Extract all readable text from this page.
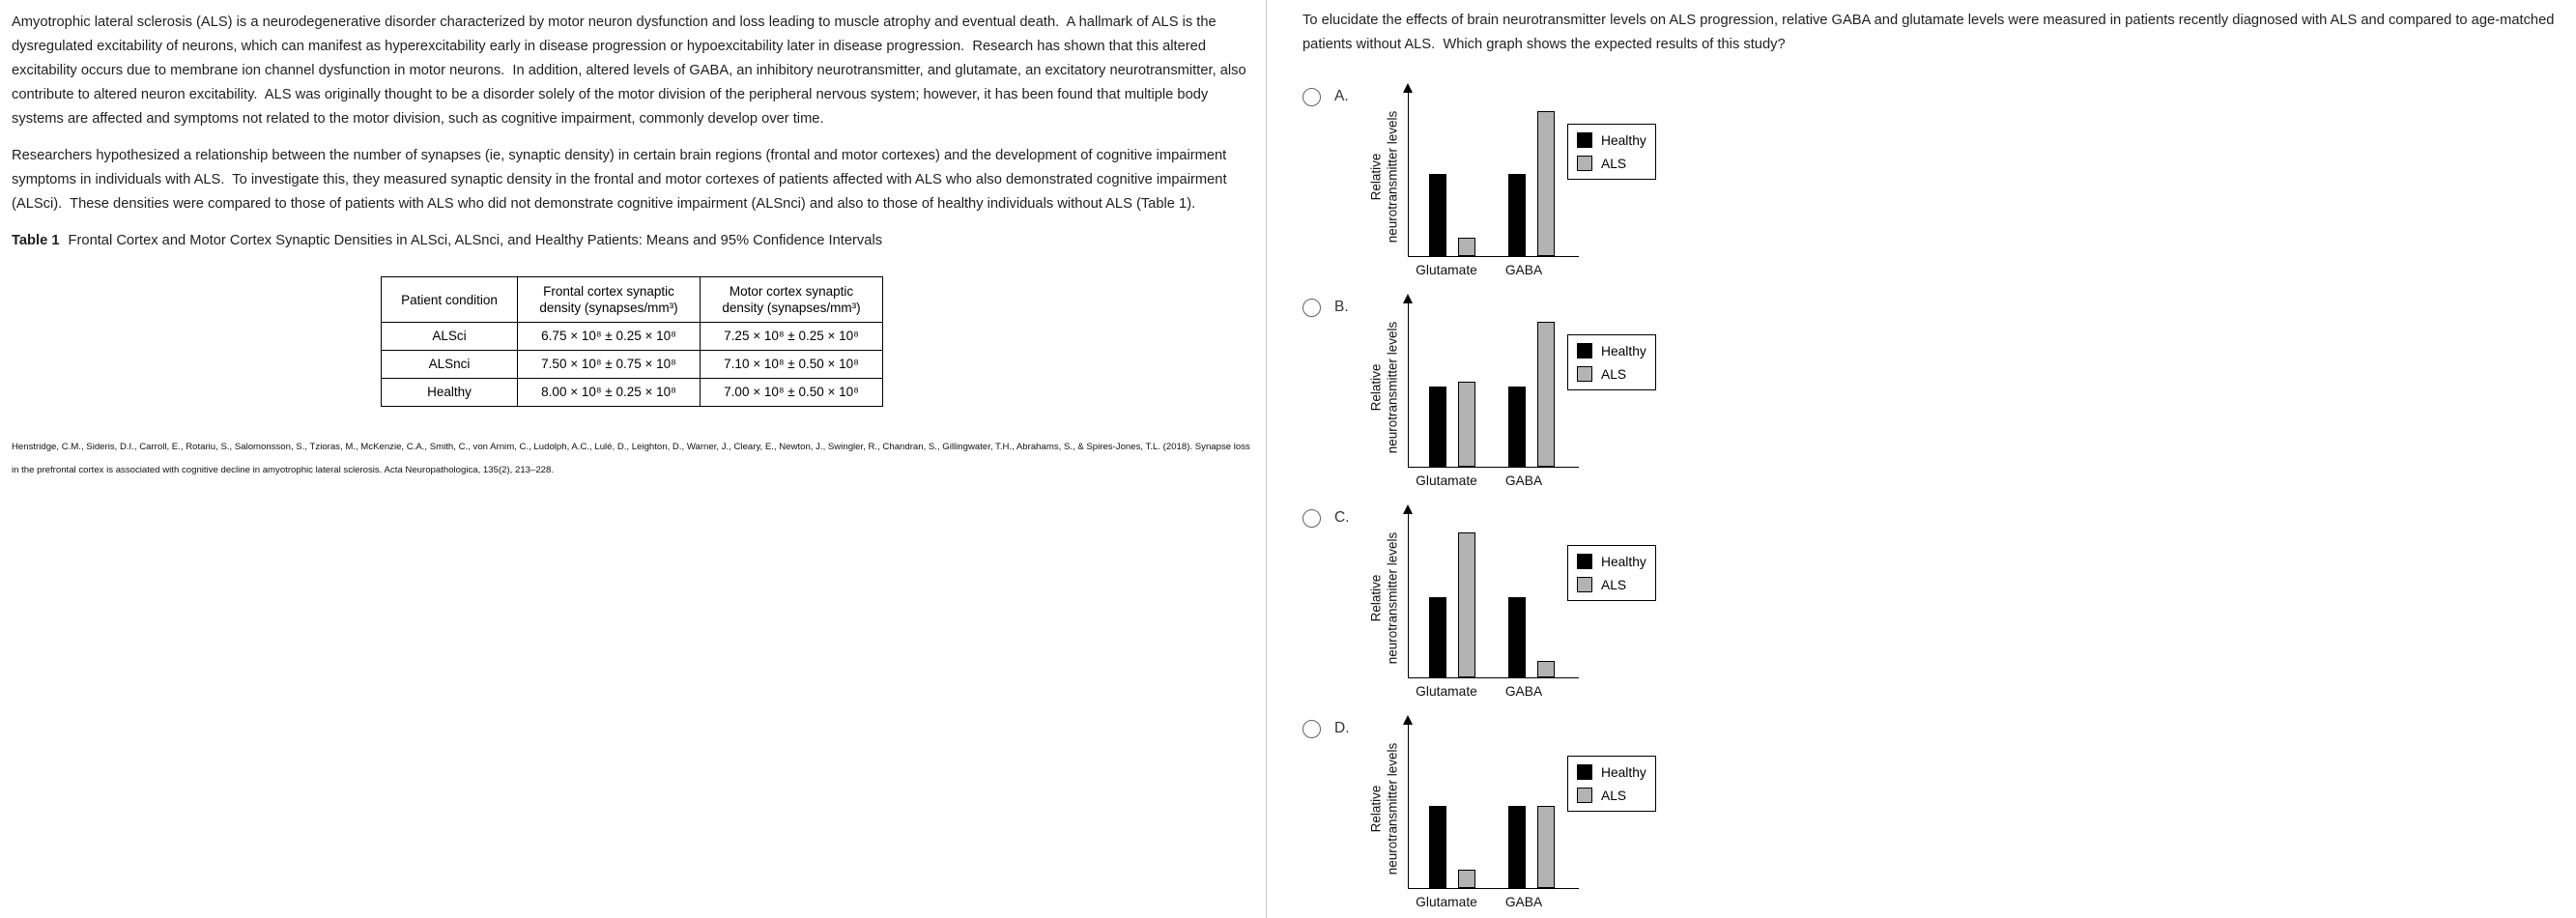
Amyotrophic lateral sclerosis (ALS) is a neurodegenerative disorder characterized by motor neuron dysfunction and loss leading to muscle atrophy and eventual death.  A hallmark of ALS is the dysregulated excitability of neurons, which can manifest as hyperexcitability early in disease progression or hypoexcitability later in disease progression.  Research has shown that this altered excitability occurs due to membrane ion channel dysfunction in motor neurons.  In addition, altered levels of GABA, an inhibitory neurotransmitter, and glutamate, an excitatory neurotransmitter, also contribute to altered neuron excitability.  ALS was originally thought to be a disorder solely of the motor division of the peripheral nervous system; however, it has been found that multiple body systems are affected and symptoms not related to the motor division, such as cognitive impairment, commonly develop over time.

Researchers hypothesized a relationship between the number of synapses (ie, synaptic density) in certain brain regions (frontal and motor cortexes) and the development of cognitive impairment symptoms in individuals with ALS.  To investigate this, they measured synaptic density in the frontal and motor cortexes of patients affected with ALS who also demonstrated cognitive impairment (ALSci).  These densities were compared to those of patients with ALS who did not demonstrate cognitive impairment (ALSnci) and also to those of healthy individuals without ALS (Table 1).

Table 1 Frontal Cortex and Motor Cortex Synaptic Densities in ALSci, ALSnci, and Healthy Patients: Means and 95% Confidence Intervals
Patient condition	Frontal cortex synaptic density (synapses/mm³)	Motor cortex synaptic density (synapses/mm³)
ALSci	6.75 × 10⁸ ± 0.25 × 10⁸	7.25 × 10⁸ ± 0.25 × 10⁸
ALSnci	7.50 × 10⁸ ± 0.75 × 10⁸	7.10 × 10⁸ ± 0.50 × 10⁸
Healthy	8.00 × 10⁸ ± 0.25 × 10⁸	7.00 × 10⁸ ± 0.50 × 10⁸

Henstridge, C.M., Sideris, D.I., Carroll, E., Rotariu, S., Salomonsson, S., Tzioras, M., McKenzie, C.A., Smith, C., von Arnim, C., Ludolph, A.C., Lulé, D., Leighton, D., Warner, J., Cleary, E., Newton, J., Swingler, R., Chandran, S., Gillingwater, T.H., Abrahams, S., & Spires-Jones, T.L. (2018). Synapse loss in the prefrontal cortex is associated with cognitive decline in amyotrophic lateral sclerosis. Acta Neuropathologica, 135(2), 213–228.

To elucidate the effects of brain neurotransmitter levels on ALS progression, relative GABA and glutamate levels were measured in patients recently diagnosed with ALS and compared to age-matched patients without ALS.  Which graph shows the expected results of this study?

A.
Relative neurotransmitter levels
Glutamate GABA
Healthy
ALS
B.
Relative neurotransmitter levels
Glutamate GABA
Healthy
ALS
C.
Relative neurotransmitter levels
Glutamate GABA
Healthy
ALS
D.
Relative neurotransmitter levels
Glutamate GABA
Healthy
ALS
